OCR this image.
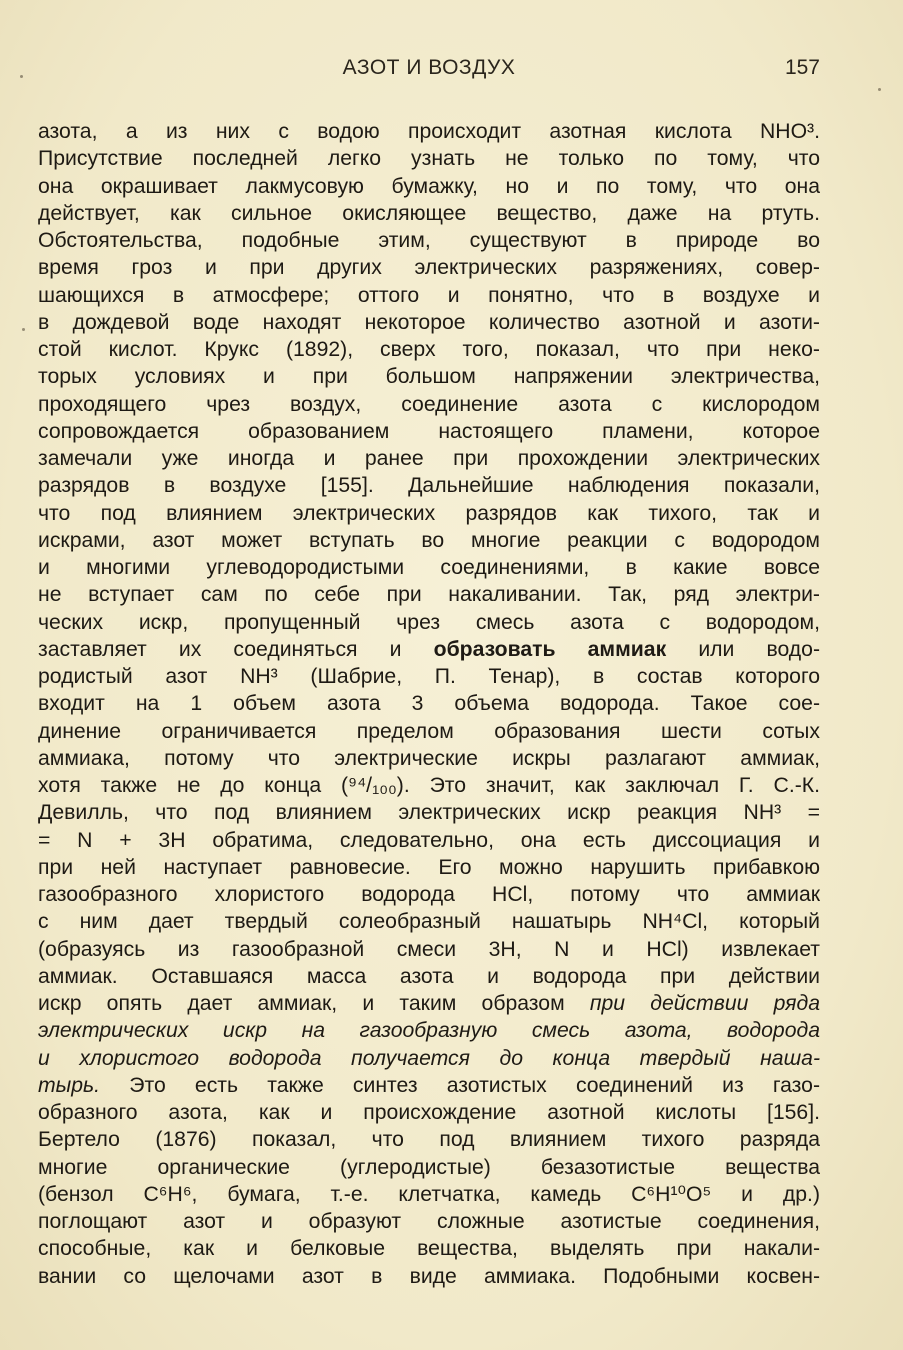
АЗОТ И ВОЗДУХ	157
азота, а из них с водою происходит азотная кислота NHO³.
Присутствие последней легко узнать не только по тому, что
она окрашивает лакмусовую бумажку, но и по тому, что она
действует, как сильное окисляющее вещество, даже на ртуть.
Обстоятельства, подобные этим, существуют в природе во
время гроз и при других электрических разряжениях, совер-
шающихся в атмосфере; оттого и понятно, что в воздухе и
в дождевой воде находят некоторое количество азотной и азоти-
стой кислот. Крукс (1892), сверх того, показал, что при неко-
торых условиях и при большом напряжении электричества,
проходящего чрез воздух, соединение азота с кислородом
сопровождается образованием настоящего пламени, которое
замечали уже иногда и ранее при прохождении электрических
разрядов в воздухе [155]. Дальнейшие наблюдения показали,
что под влиянием электрических разрядов как тихого, так и
искрами, азот может вступать во многие реакции с водородом
и многими углеводородистыми соединениями, в какие вовсе
не вступает сам по себе при накаливании. Так, ряд электри-
ческих искр, пропущенный чрез смесь азота с водородом,
заставляет их соединяться и образовать аммиак или водо-
родистый азот NH³ (Шабрие, П. Тенар), в состав которого
входит на 1 объем азота 3 объема водорода. Такое сое-
динение ограничивается пределом образования шести сотых
аммиака, потому что электрические искры разлагают аммиак,
хотя также не до конца (⁹⁴/₁₀₀). Это значит, как заключал Г. С.-К.
Девилль, что под влиянием электрических искр реакция NH³ =
= N + 3H обратима, следовательно, она есть диссоциация и
при ней наступает равновесие. Его можно нарушить прибавкою
газообразного хлористого водорода HCl, потому что аммиак
с ним дает твердый солеобразный нашатырь NH⁴Cl, который
(образуясь из газообразной смеси 3H, N и HCl) извлекает
аммиак. Оставшаяся масса азота и водорода при действии
искр опять дает аммиак, и таким образом при действии ряда
электрических искр на газообразную смесь азота, водорода
и хлористого водорода получается до конца твердый наша-
тырь. Это есть также синтез азотистых соединений из газо-
образного азота, как и происхождение азотной кислоты [156].
Бертело (1876) показал, что под влиянием тихого разряда
многие органические (углеродистые) безазотистые вещества
(бензол C⁶H⁶, бумага, т.-е. клетчатка, камедь C⁶H¹⁰O⁵ и др.)
поглощают азот и образуют сложные азотистые соединения,
способные, как и белковые вещества, выделять при накали-
вании со щелочами азот в виде аммиака. Подобными косвен-
